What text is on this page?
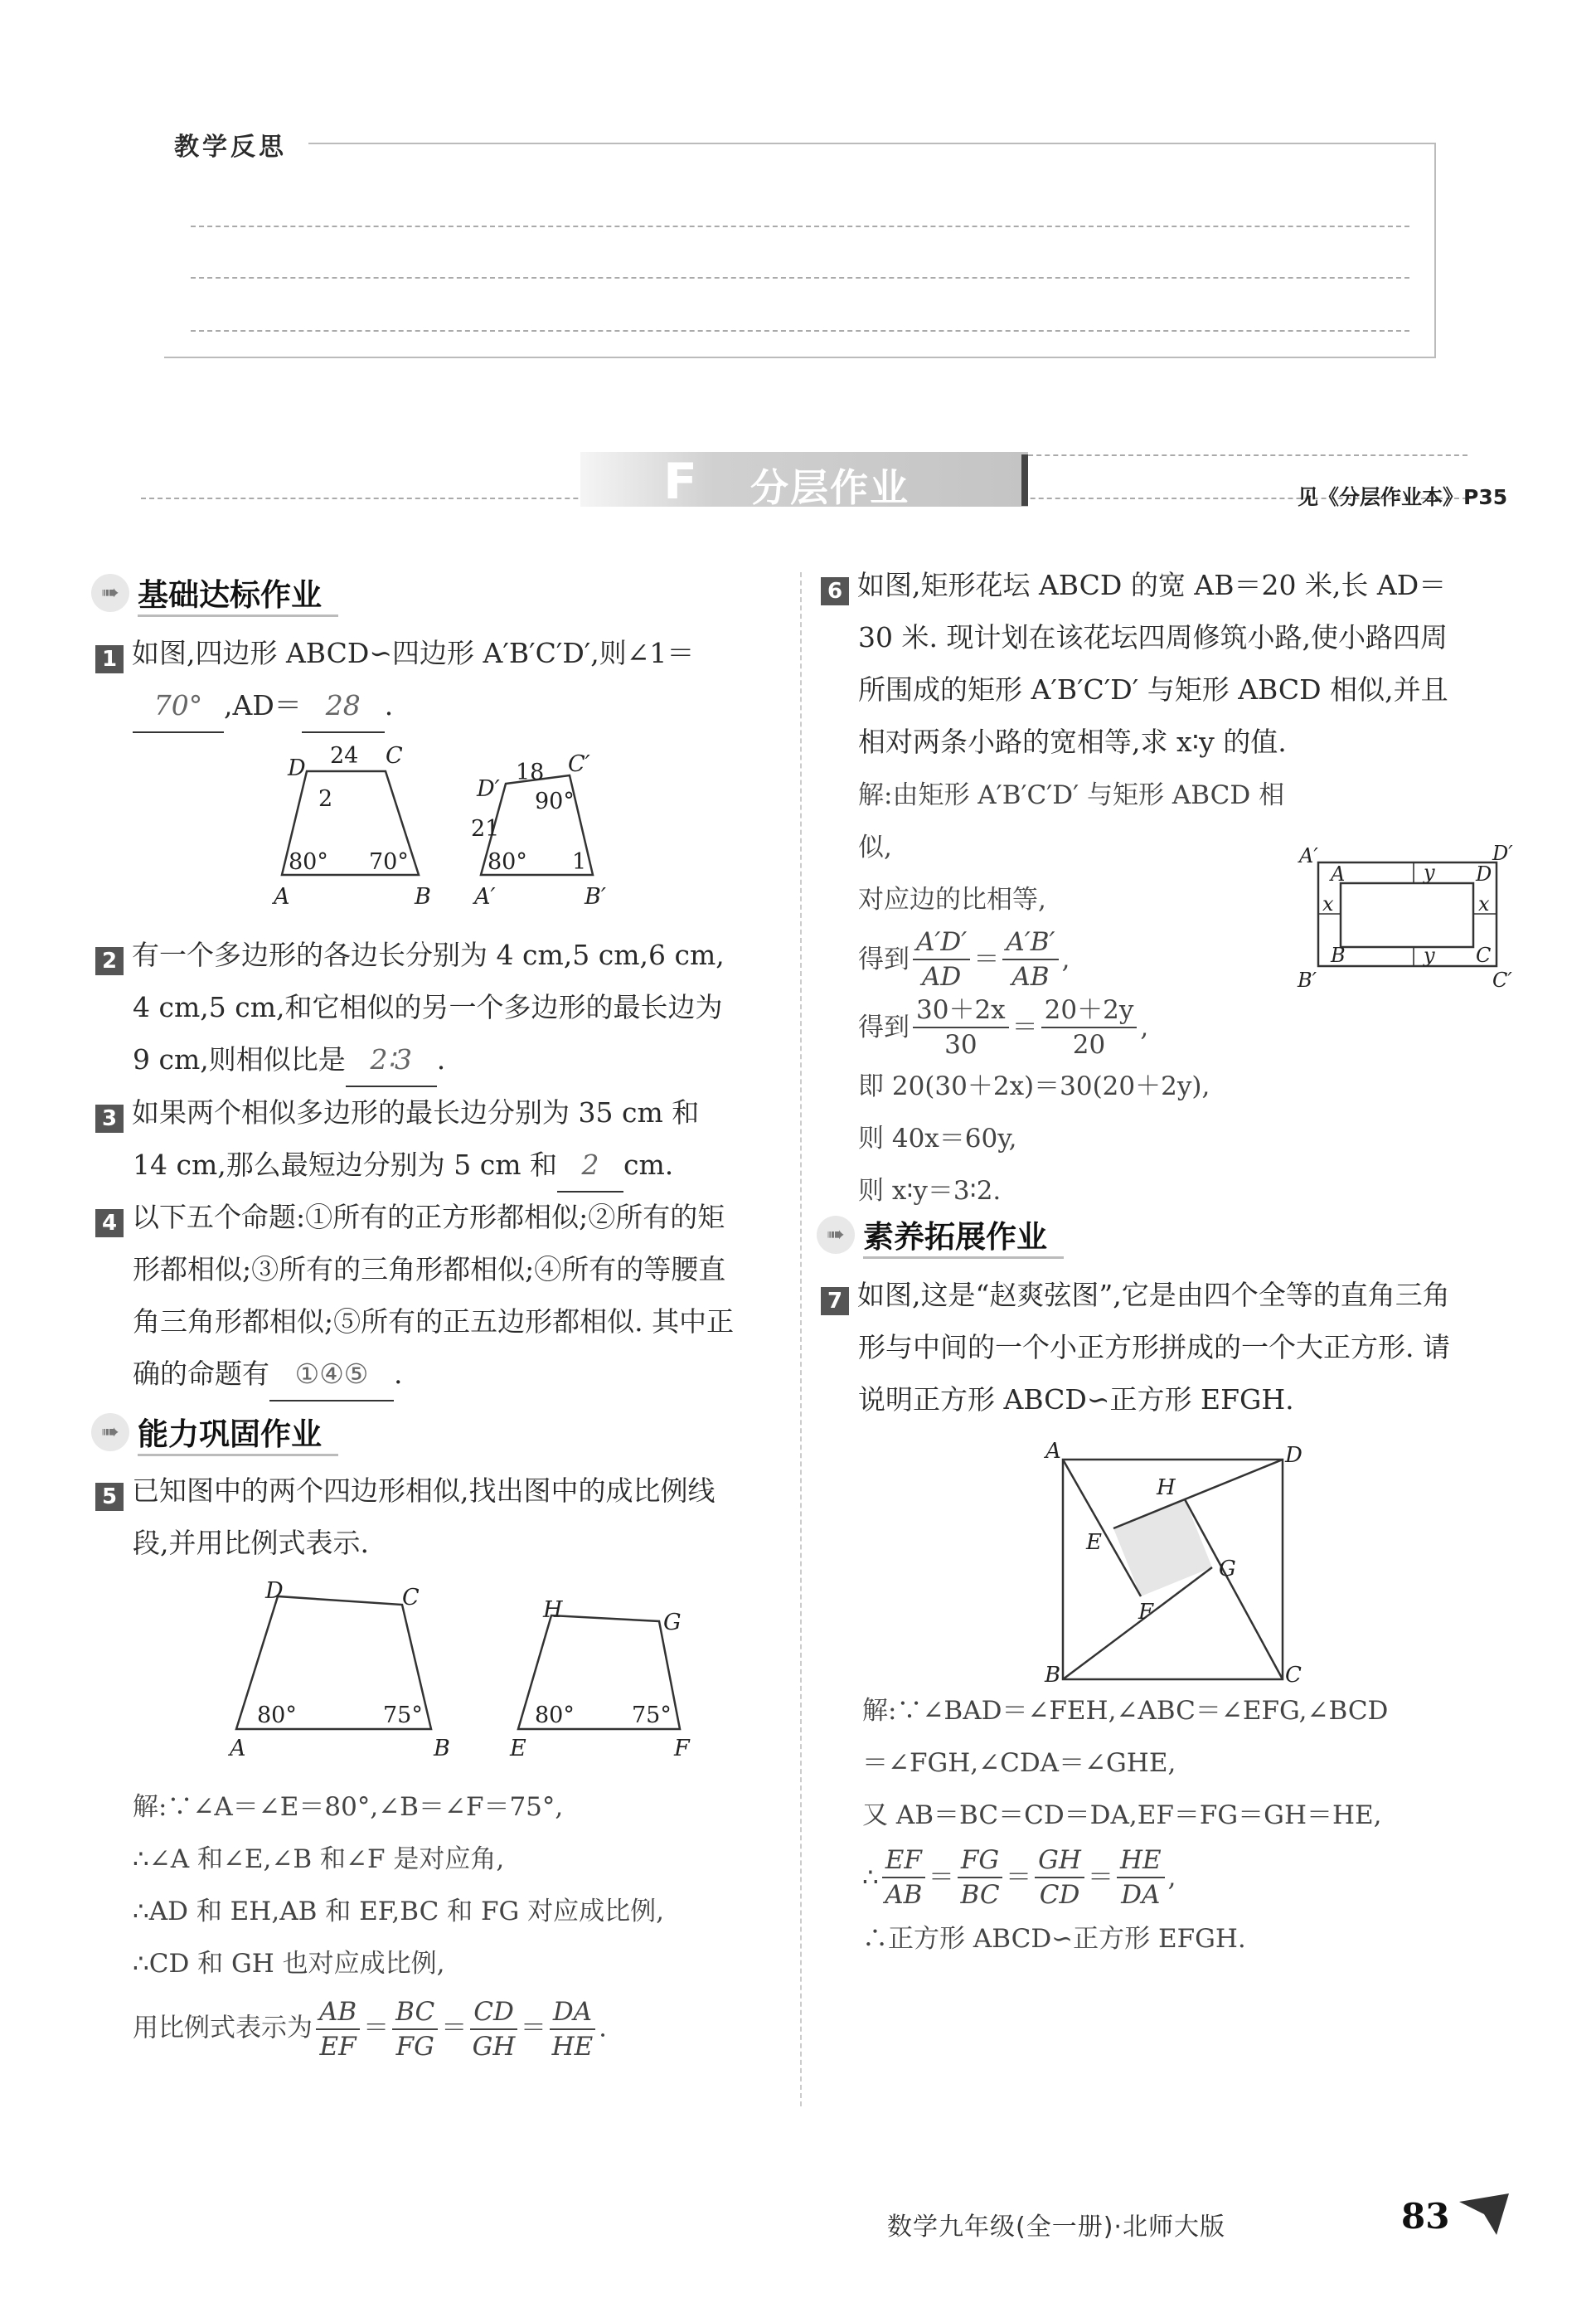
教学反思
F 分层作业	见《分层作业本》P35
➠ 基础达标作业
1 如图,四边形 ABCD∽四边形 A′B′C′D′,则∠1＝
70° ,AD＝ 28 .
24
D	C
2
80° 70°
A	B
18 C′
D′ 90°
21
80° 1
A′	B′
2 有一个多边形的各边长分别为 4 cm,5 cm,6 cm,
4 cm,5 cm,和它相似的另一个多边形的最长边为
9 cm,则相似比是 2∶3 .
3 如果两个相似多边形的最长边分别为 35 cm 和
14 cm,那么最短边分别为 5 cm 和 2 cm.
4 以下五个命题:①所有的正方形都相似;②所有的矩
形都相似;③所有的三角形都相似;④所有的等腰直
角三角形都相似;⑤所有的正五边形都相似. 其中正
确的命题有 ①④⑤ .
➠ 能力巩固作业
5 已知图中的两个四边形相似,找出图中的成比例线
段,并用比例式表示.
D	C
80°	75°
A	B
H	G
80°	75°
E	F
解:∵∠A＝∠E＝80°,∠B＝∠F＝75°,
∴∠A 和∠E,∠B 和∠F 是对应角,
∴AD 和 EH,AB 和 EF,BC 和 FG 对应成比例,
∴CD 和 GH 也对应成比例,
用比例式表示为 $\frac{AB}{EF} = \frac{BC}{FG} = \frac{CD}{GH} = \frac{DA}{HE}$ .
6 如图,矩形花坛 ABCD 的宽 AB＝20 米,长 AD＝
30 米. 现计划在该花坛四周修筑小路,使小路四周
所围成的矩形 A′B′C′D′ 与矩形 ABCD 相似,并且
相对两条小路的宽相等,求 x∶y 的值.
解:由矩形 A′B′C′D′ 与矩形 ABCD 相似,
对应边的比相等,
得到 $\frac{A'D'}{AD} = \frac{A'B'}{AB}$ ,
得到 $\frac{30+2x}{30} = \frac{20+2y}{20}$ ,
即 20(30＋2x)＝30(20＋2y),
则 40x＝60y,
则 x∶y＝3∶2.
A′	D′
A	D
y
x	x
B	C
y
B′	C′
➠ 素养拓展作业
7 如图,这是“赵爽弦图”,它是由四个全等的直角三角
形与中间的一个小正方形拼成的一个大正方形. 请
说明正方形 ABCD∽正方形 EFGH.
A	D
H
E
G
F
B	C
解:∵∠BAD＝∠FEH,∠ABC＝∠EFG,∠BCD
＝∠FGH,∠CDA＝∠GHE,
又 AB＝BC＝CD＝DA,EF＝FG＝GH＝HE,
∴ $\frac{EF}{AB} = \frac{FG}{BC} = \frac{GH}{CD} = \frac{HE}{DA}$ ,
∴正方形 ABCD∽正方形 EFGH.
数学九年级(全一册)·北师大版	83
